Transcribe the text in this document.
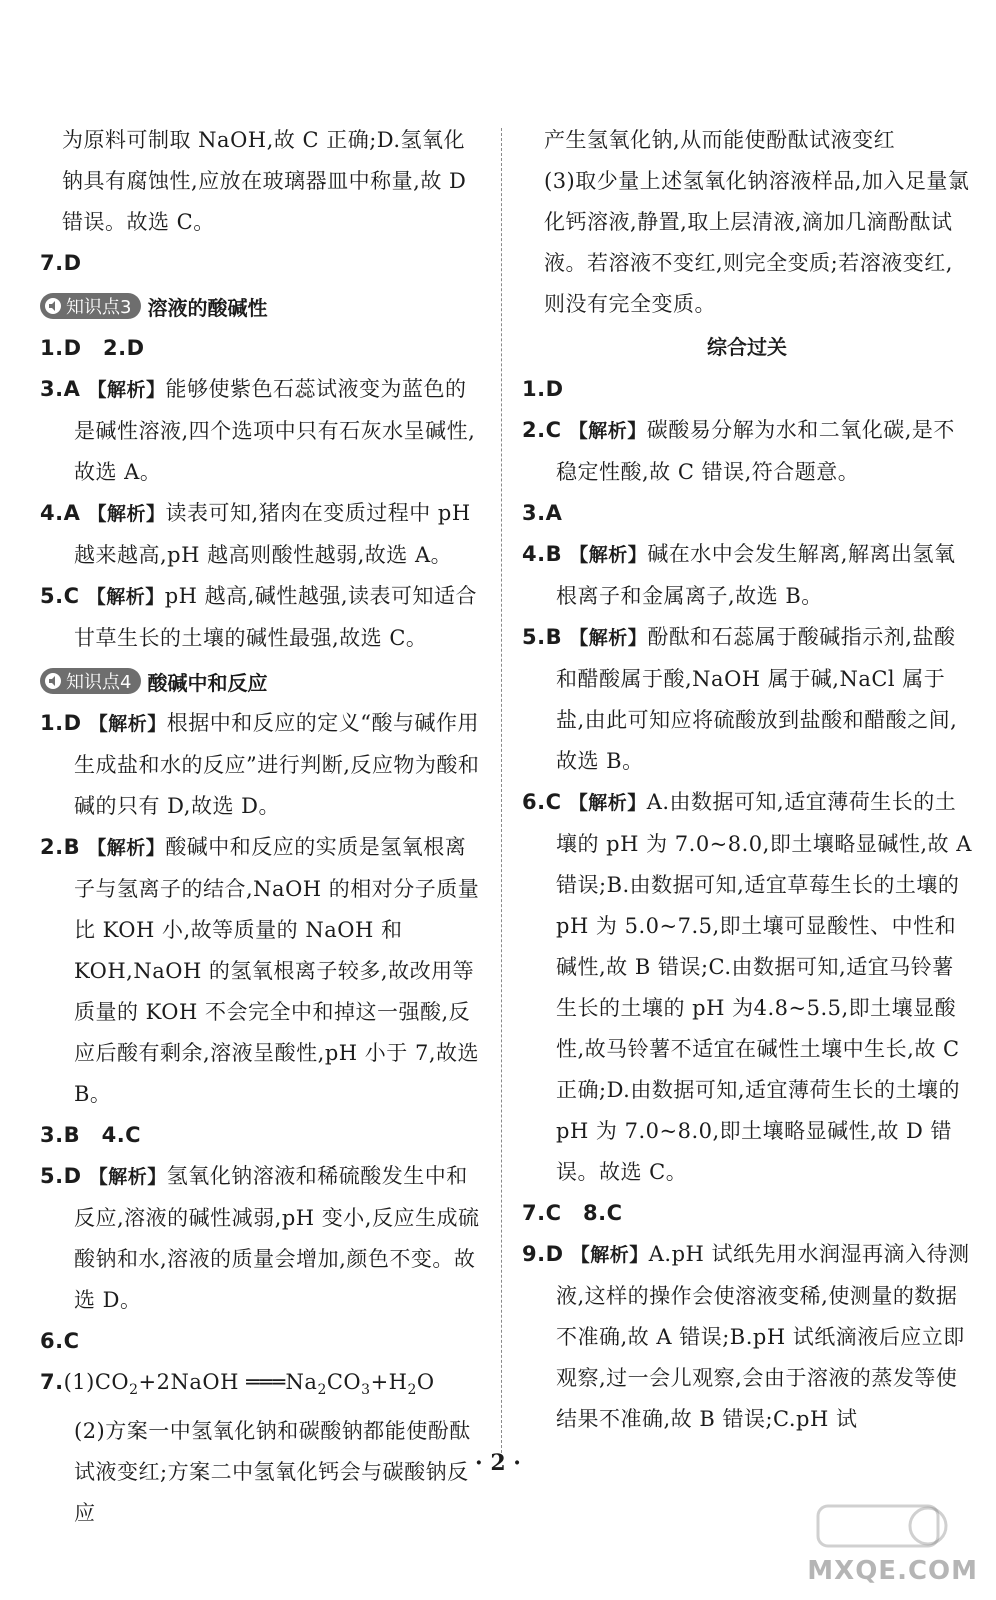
为原料可制取 NaOH,故 C 正确;D.氢氧化钠具有腐蚀性,应放在玻璃器皿中称量,故 D 错误。故选 C。
7.D
知识点3 溶液的酸碱性
1.D　2.D
3.A 【解析】能够使紫色石蕊试液变为蓝色的是碱性溶液,四个选项中只有石灰水呈碱性,故选 A。
4.A 【解析】读表可知,猪肉在变质过程中 pH 越来越高,pH 越高则酸性越弱,故选 A。
5.C 【解析】pH 越高,碱性越强,读表可知适合甘草生长的土壤的碱性最强,故选 C。
知识点4 酸碱中和反应
1.D 【解析】根据中和反应的定义“酸与碱作用生成盐和水的反应”进行判断,反应物为酸和碱的只有 D,故选 D。
2.B 【解析】酸碱中和反应的实质是氢氧根离子与氢离子的结合,NaOH 的相对分子质量比 KOH 小,故等质量的 NaOH 和 KOH,NaOH 的氢氧根离子较多,故改用等质量的 KOH 不会完全中和掉这一强酸,反应后酸有剩余,溶液呈酸性,pH 小于 7,故选 B。
3.B　4.C
5.D 【解析】氢氧化钠溶液和稀硫酸发生中和反应,溶液的碱性减弱,pH 变小,反应生成硫酸钠和水,溶液的质量会增加,颜色不变。故选 D。
6.C
$7.(1)CO_2+2NaOH$ $═══Na_2CO_3+H_2O$　(2)方案一中氢氧化钠和碳酸钠都能使酚酞试液变红;方案二中氢氧化钙会与碳酸钠反应
产生氢氧化钠,从而能使酚酞试液变红
(3)取少量上述氢氧化钠溶液样品,加入足量氯化钙溶液,静置,取上层清液,滴加几滴酚酞试液。若溶液不变红,则完全变质;若溶液变红,则没有完全变质。
综合过关
1.D
2.C 【解析】碳酸易分解为水和二氧化碳,是不稳定性酸,故 C 错误,符合题意。
3.A
4.B 【解析】碱在水中会发生解离,解离出氢氧根离子和金属离子,故选 B。
5.B 【解析】酚酞和石蕊属于酸碱指示剂,盐酸和醋酸属于酸,NaOH 属于碱,NaCl 属于盐,由此可知应将硫酸放到盐酸和醋酸之间,故选 B。
6.C 【解析】A.由数据可知,适宜薄荷生长的土壤的 pH 为 7.0~8.0,即土壤略显碱性,故 A 错误;B.由数据可知,适宜草莓生长的土壤的 pH 为 5.0~7.5,即土壤可显酸性、中性和碱性,故 B 错误;C.由数据可知,适宜马铃薯生长的土壤的 pH 为4.8~5.5,即土壤显酸性,故马铃薯不适宜在碱性土壤中生长,故 C 正确;D.由数据可知,适宜薄荷生长的土壤的 pH 为 7.0~8.0,即土壤略显碱性,故 D 错误。故选 C。
7.C　8.C
9.D 【解析】A.pH 试纸先用水润湿再滴入待测液,这样的操作会使溶液变稀,使测量的数据不准确,故 A 错误;B.pH 试纸滴液后应立即观察,过一会儿观察,会由于溶液的蒸发等使结果不准确,故 B 错误;C.pH 试
· 2 ·
MXQE.COM
